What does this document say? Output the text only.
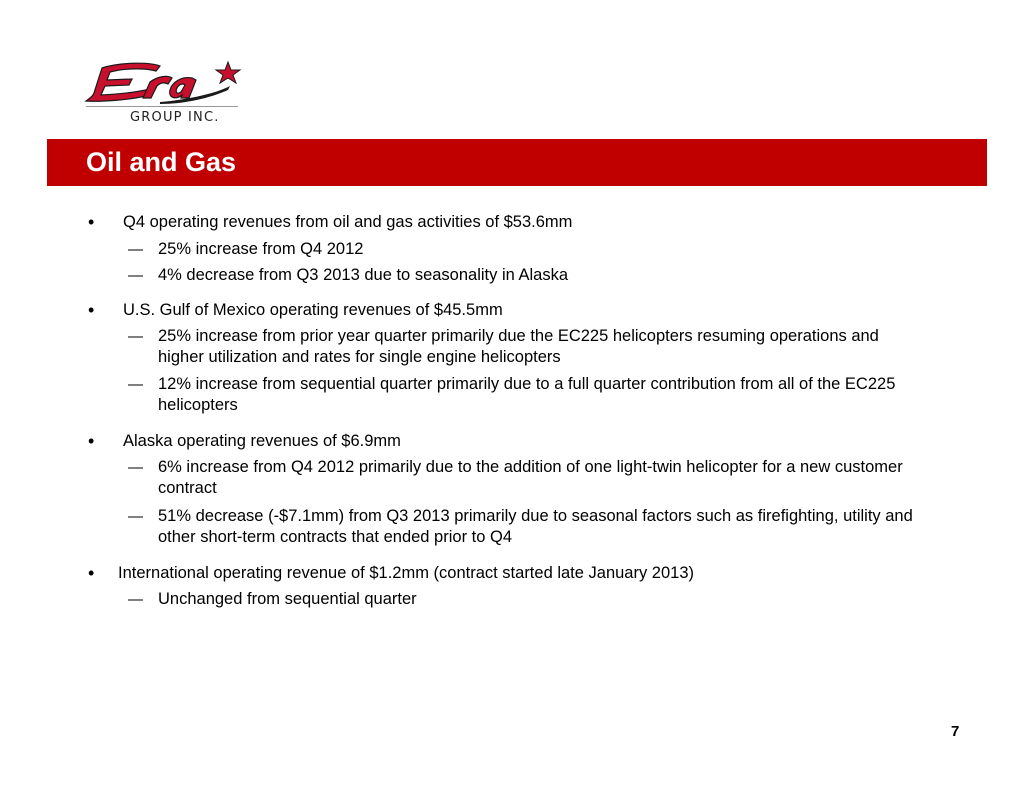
GROUP INC.
Oil and Gas
• Q4 operating revenues from oil and gas activities of $53.6mm
— 25% increase from Q4 2012
— 4% decrease from Q3 2013 due to seasonality in Alaska
• U.S. Gulf of Mexico operating revenues of $45.5mm
— 25% increase from prior year quarter primarily due the EC225 helicopters resuming operations and higher utilization and rates for single engine helicopters
— 12% increase from sequential quarter primarily due to a full quarter contribution from all of the EC225 helicopters
• Alaska operating revenues of $6.9mm
— 6% increase from Q4 2012 primarily due to the addition of one light-twin helicopter for a new customer contract
— 51% decrease (-$7.1mm) from Q3 2013 primarily due to seasonal factors such as firefighting, utility and other short-term contracts that ended prior to Q4
• International operating revenue of $1.2mm (contract started late January 2013)
— Unchanged from sequential quarter
7
